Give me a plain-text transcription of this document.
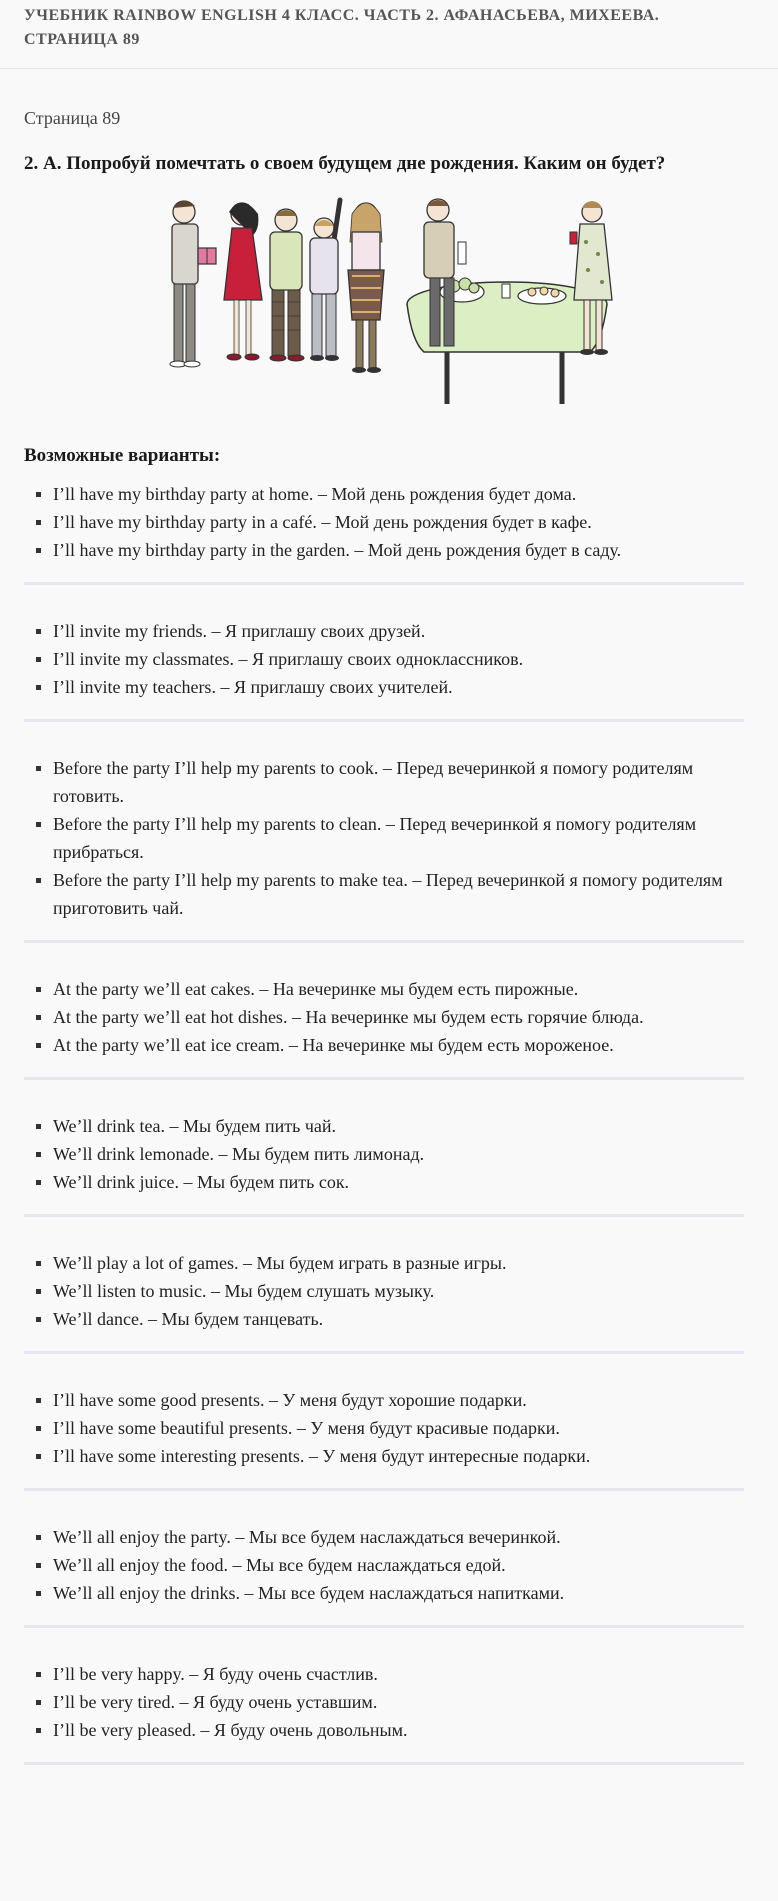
УЧЕБНИК RAINBOW ENGLISH 4 КЛАСС. ЧАСТЬ 2. АФАНАСЬЕВА, МИХЕЕВА. СТРАНИЦА 89

Страница 89

2. А. Попробуй помечтать о своем будущем дне рождения. Каким он будет?

Возможные варианты:

I’ll have my birthday party at home. – Мой день рождения будет дома.
I’ll have my birthday party in a café. – Мой день рождения будет в кафе.
I’ll have my birthday party in the garden. – Мой день рождения будет в саду.
I’ll invite my friends. – Я приглашу своих друзей.
I’ll invite my classmates. – Я приглашу своих одноклассников.
I’ll invite my teachers. – Я приглашу своих учителей.
Before the party I’ll help my parents to cook. – Перед вечеринкой я помогу родителям готовить.
Before the party I’ll help my parents to clean. – Перед вечеринкой я помогу родителям прибраться.
Before the party I’ll help my parents to make tea. – Перед вечеринкой я помогу родителям приготовить чай.
At the party we’ll eat cakes. – На вечеринке мы будем есть пирожные.
At the party we’ll eat hot dishes. – На вечеринке мы будем есть горячие блюда.
At the party we’ll eat ice cream. – На вечеринке мы будем есть мороженое.
We’ll drink tea. – Мы будем пить чай.
We’ll drink lemonade. – Мы будем пить лимонад.
We’ll drink juice. – Мы будем пить сок.
We’ll play a lot of games. – Мы будем играть в разные игры.
We’ll listen to music. – Мы будем слушать музыку.
We’ll dance. – Мы будем танцевать.
I’ll have some good presents. – У меня будут хорошие подарки.
I’ll have some beautiful presents. – У меня будут красивые подарки.
I’ll have some interesting presents. – У меня будут интересные подарки.
We’ll all enjoy the party. – Мы все будем наслаждаться вечеринкой.
We’ll all enjoy the food. – Мы все будем наслаждаться едой.
We’ll all enjoy the drinks. – Мы все будем наслаждаться напитками.
I’ll be very happy. – Я буду очень счастлив.
I’ll be very tired. – Я буду очень уставшим.
I’ll be very pleased. – Я буду очень довольным.
